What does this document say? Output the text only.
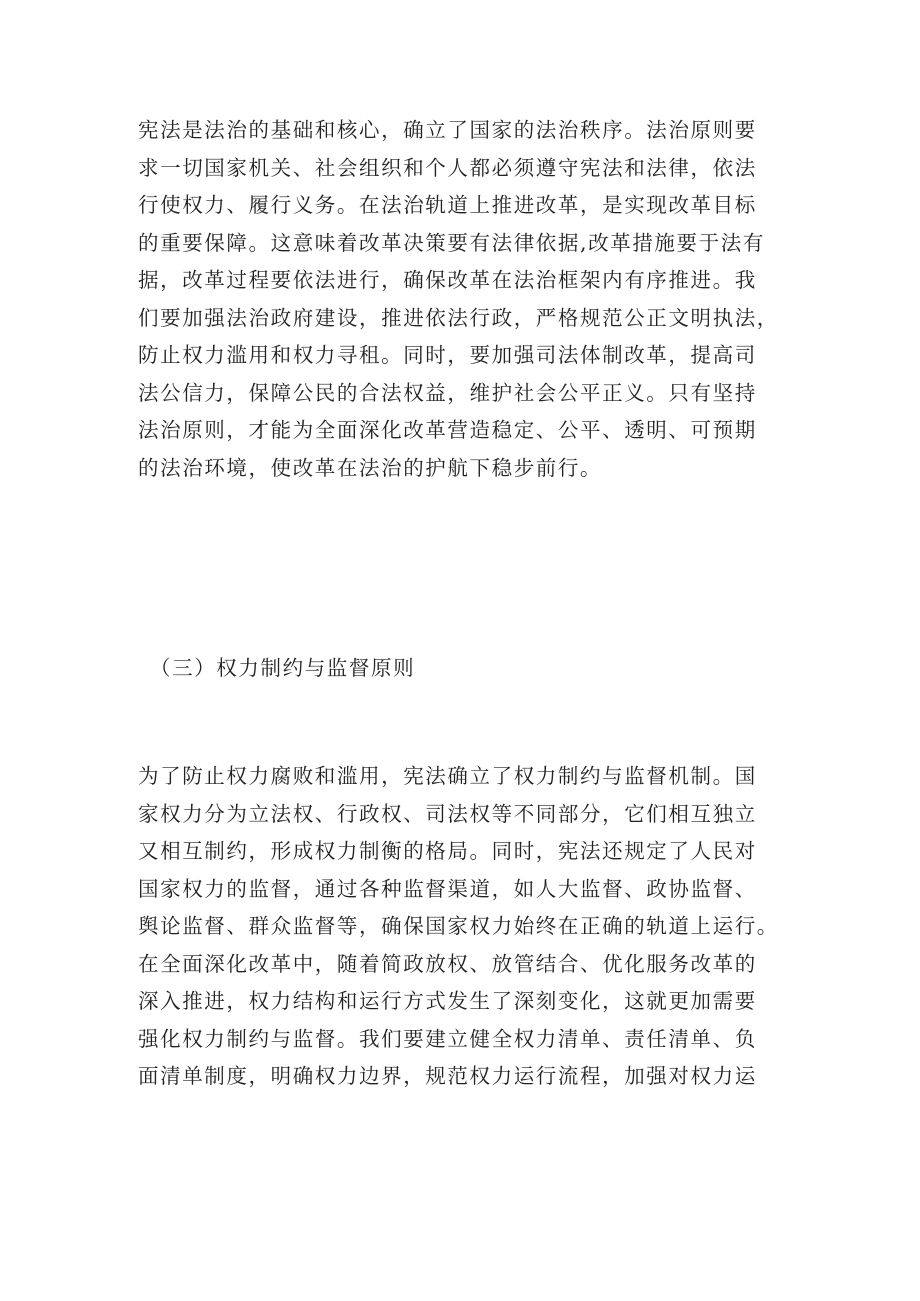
宪法是法治的基础和核心，确立了国家的法治秩序。法治原则要
求一切国家机关、社会组织和个人都必须遵守宪法和法律，依法
行使权力、履行义务。在法治轨道上推进改革，是实现改革目标
的重要保障。这意味着改革决策要有法律依据,改革措施要于法有
据，改革过程要依法进行，确保改革在法治框架内有序推进。我
们要加强法治政府建设，推进依法行政，严格规范公正文明执法，
防止权力滥用和权力寻租。同时，要加强司法体制改革，提高司
法公信力，保障公民的合法权益，维护社会公平正义。只有坚持
法治原则，才能为全面深化改革营造稳定、公平、透明、可预期
的法治环境，使改革在法治的护航下稳步前行。

（三）权力制约与监督原则

为了防止权力腐败和滥用，宪法确立了权力制约与监督机制。国
家权力分为立法权、行政权、司法权等不同部分，它们相互独立
又相互制约，形成权力制衡的格局。同时，宪法还规定了人民对
国家权力的监督，通过各种监督渠道，如人大监督、政协监督、
舆论监督、群众监督等，确保国家权力始终在正确的轨道上运行。
在全面深化改革中，随着简政放权、放管结合、优化服务改革的
深入推进，权力结构和运行方式发生了深刻变化，这就更加需要
强化权力制约与监督。我们要建立健全权力清单、责任清单、负
面清单制度，明确权力边界，规范权力运行流程，加强对权力运
